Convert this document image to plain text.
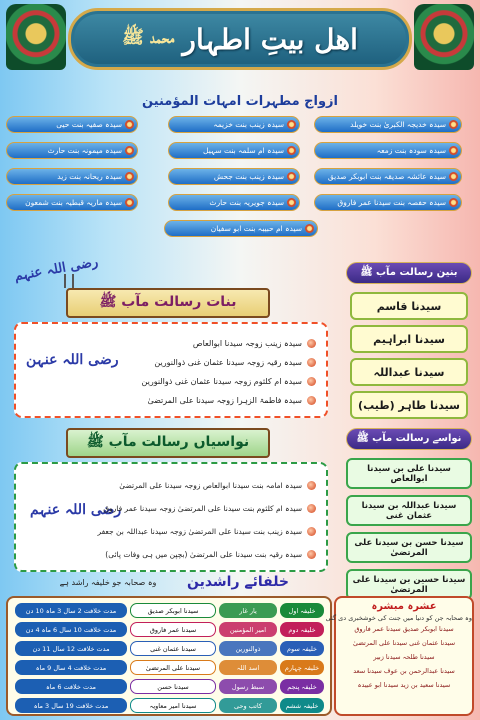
اهل بیتِ اطہار
محمد ﷺ
ازواج مطہرات امہات المؤمنین
سیدہ خدیجہ الکبریٰ بنت خویلد
سیدہ زینب بنت خزیمہ
سیدہ صفیہ بنت حیی
سیدہ سودہ بنت زمعہ
سیدہ ام سلمہ بنت سہیل
سیدہ میمونہ بنت حارث
سیدہ عائشہ صدیقہ بنت ابوبکر صدیق
سیدہ زینب بنت جحش
سیدہ ریحانہ بنت زید
سیدہ حفصہ بنت سیدنا عمر فاروق
سیدہ جویریہ بنت حارث
سیدہ ماریہ قبطیہ بنت شمعون
سیدہ ام حبیبہ بنت ابو سفیان
رضی اللہ عنہم
بنات رسالت مآب ﷺ
رضی اللہ عنہن
سیدہ زینب زوجہ سیدنا ابوالعاص
سیدہ رقیہ زوجہ سیدنا عثمان غنی ذوالنورین
سیدہ ام کلثوم زوجہ سیدنا عثمان غنی ذوالنورین
سیدہ فاطمۃ الزہرا زوجہ سیدنا علی المرتضیٰ
نواسیاں رسالت مآب ﷺ
رضی اللہ عنہم
سیدہ امامہ بنت سیدنا ابوالعاص زوجہ سیدنا علی المرتضیٰ
سیدہ ام کلثوم بنت سیدنا علی المرتضیٰ زوجہ سیدنا عمر فاروق
سیدہ زینب بنت سیدنا علی المرتضیٰ زوجہ سیدنا عبداللہ بن جعفر
سیدہ رقیہ بنت سیدنا علی المرتضیٰ (بچپن میں ہی وفات پائی)
بنین رسالت مآب ﷺ
سیدنا قاسم
سیدنا ابراہیم
سیدنا عبداللہ
سیدنا طاہر (طیب)
نواسے رسالت مآب ﷺ
سیدنا علی بن سیدنا ابوالعاص
سیدنا عبداللہ بن سیدنا عثمان غنی
سیدنا حسن بن سیدنا علی المرتضیٰ
سیدنا حسین بن سیدنا علی المرتضیٰ
خلفائے راشدین
وہ صحابہ جو خلیفہ راشد ہے
خلیفہ اول
یار غار
سیدنا ابوبکر صدیق
مدت خلافت 2 سال 3 ماہ 10 دن
خلیفہ دوم
امیر المؤمنین
سیدنا عمر فاروق
مدت خلافت 10 سال 6 ماہ 4 دن
خلیفہ سوم
ذوالنورین
سیدنا عثمان غنی
مدت خلافت 12 سال 11 دن
خلیفہ چہارم
اسد اللہ
سیدنا علی المرتضیٰ
مدت خلافت 4 سال 9 ماہ
خلیفہ پنجم
سبط رسول
سیدنا حسن
مدت خلافت 6 ماہ
خلیفہ ششم
کاتب وحی
سیدنا امیر معاویہ
مدت خلافت 19 سال 3 ماہ
عشرہ مبشرہ
وہ صحابہ جن کو دنیا میں جنت کی خوشخبری دی گئی
سیدنا ابوبکر صدیق سیدنا عمر فاروق
سیدنا عثمان غنی سیدنا علی المرتضیٰ
سیدنا طلحہ سیدنا زبیر
سیدنا عبدالرحمن بن عوف سیدنا سعد
سیدنا سعید بن زید سیدنا ابو عبیدہ
